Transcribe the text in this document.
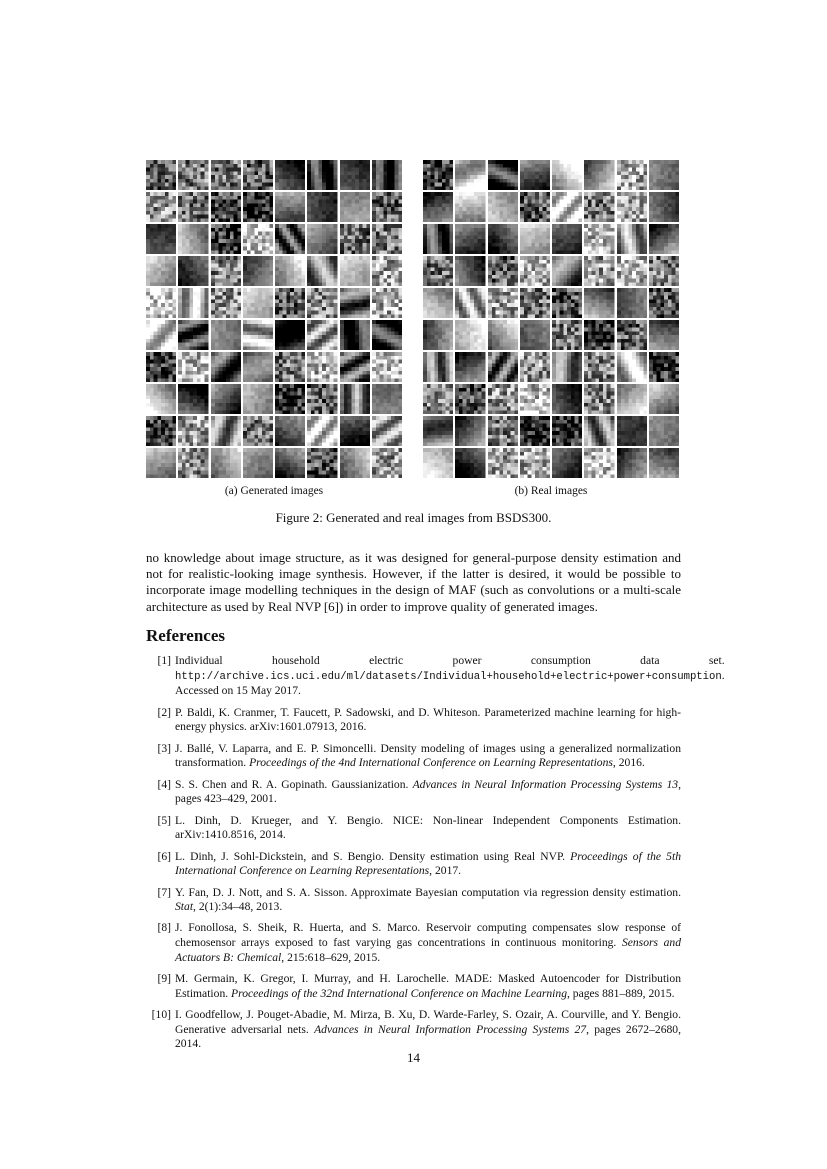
(a) Generated images	(b) Real images
Figure 2: Generated and real images from BSDS300.
no knowledge about image structure, as it was designed for general-purpose density estimation and not for realistic-looking image synthesis. However, if the latter is desired, it would be possible to incorporate image modelling techniques in the design of MAF (such as convolutions or a multi-scale architecture as used by Real NVP [6]) in order to improve quality of generated images.
References
[1] Individual household electric power consumption data set. http://archive.ics.uci.edu/ml/datasets/Individual+household+electric+power+consumption. Accessed on 15 May 2017.
[2] P. Baldi, K. Cranmer, T. Faucett, P. Sadowski, and D. Whiteson. Parameterized machine learning for high-energy physics. arXiv:1601.07913, 2016.
[3] J. Ballé, V. Laparra, and E. P. Simoncelli. Density modeling of images using a generalized normalization transformation. Proceedings of the 4nd International Conference on Learning Representations, 2016.
[4] S. S. Chen and R. A. Gopinath. Gaussianization. Advances in Neural Information Processing Systems 13, pages 423–429, 2001.
[5] L. Dinh, D. Krueger, and Y. Bengio. NICE: Non-linear Independent Components Estimation. arXiv:1410.8516, 2014.
[6] L. Dinh, J. Sohl-Dickstein, and S. Bengio. Density estimation using Real NVP. Proceedings of the 5th International Conference on Learning Representations, 2017.
[7] Y. Fan, D. J. Nott, and S. A. Sisson. Approximate Bayesian computation via regression density estimation. Stat, 2(1):34–48, 2013.
[8] J. Fonollosa, S. Sheik, R. Huerta, and S. Marco. Reservoir computing compensates slow response of chemosensor arrays exposed to fast varying gas concentrations in continuous monitoring. Sensors and Actuators B: Chemical, 215:618–629, 2015.
[9] M. Germain, K. Gregor, I. Murray, and H. Larochelle. MADE: Masked Autoencoder for Distribution Estimation. Proceedings of the 32nd International Conference on Machine Learning, pages 881–889, 2015.
[10] I. Goodfellow, J. Pouget-Abadie, M. Mirza, B. Xu, D. Warde-Farley, S. Ozair, A. Courville, and Y. Bengio. Generative adversarial nets. Advances in Neural Information Processing Systems 27, pages 2672–2680, 2014.
14
